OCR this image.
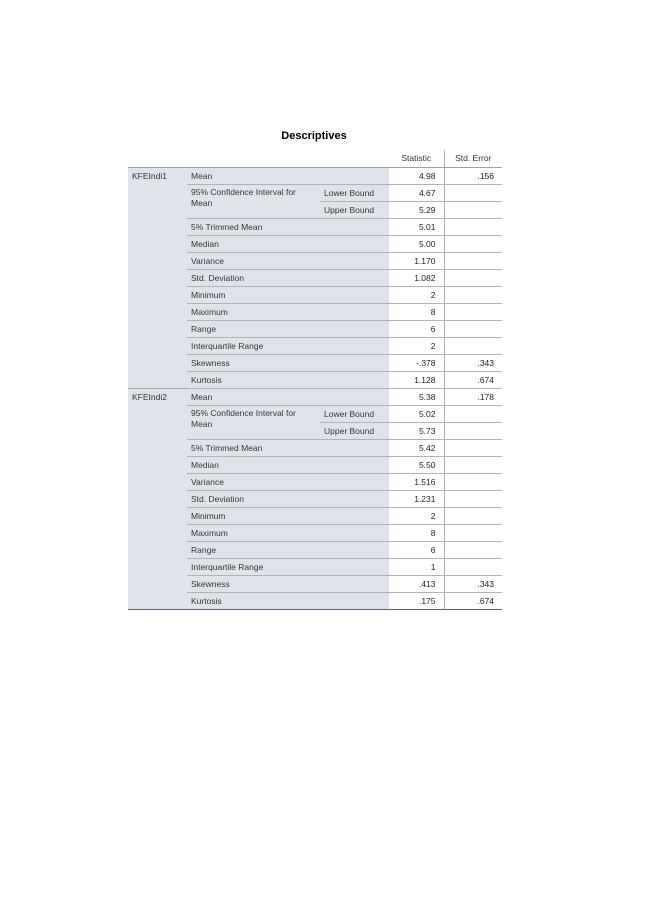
Descriptives
			Statistic	Std. Error
KFEIndi1	Mean		4.98	.156
	95% Confidence Interval for Mean	Lower Bound	4.67	
		Upper Bound	5.29	
	5% Trimmed Mean		5.01	
	Median		5.00	
	Variance		1.170	
	Std. Deviation		1.082	
	Minimum		2	
	Maximum		8	
	Range		6	
	Interquartile Range		2	
	Skewness		-.378	.343
	Kurtosis		1.128	.674
KFEIndi2	Mean		5.38	.178
	95% Confidence Interval for Mean	Lower Bound	5.02	
		Upper Bound	5.73	
	5% Trimmed Mean		5.42	
	Median		5.50	
	Variance		1.516	
	Std. Deviation		1.231	
	Minimum		2	
	Maximum		8	
	Range		6	
	Interquartile Range		1	
	Skewness		.413	.343
	Kurtosis		.175	.674
